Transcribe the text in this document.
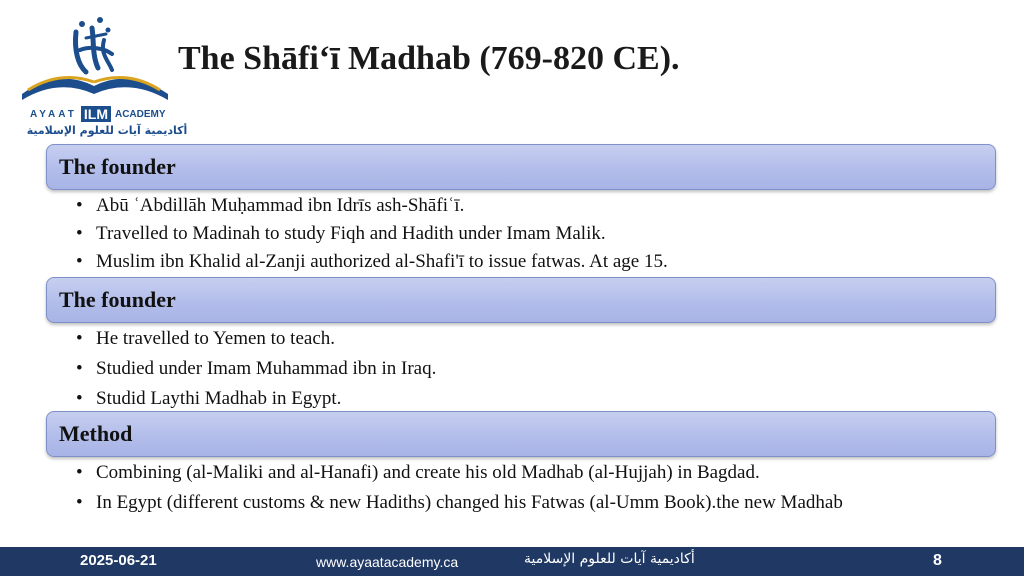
AYAAT ILM ACADEMY
أكاديمية آيات للعلوم الإسلامية
The Shāfi‘ī Madhab (769-820 CE).
The founder
• Abū ʿAbdillāh Muḥammad ibn Idrīs ash-Shāfiʿī.
• Travelled to Madinah to study Fiqh and Hadith under Imam Malik.
• Muslim ibn Khalid al-Zanji authorized al-Shafi'ī to issue fatwas. At age 15.
The founder
• He travelled to Yemen to teach.
• Studied under Imam Muhammad ibn in Iraq.
• Studid Laythi Madhab in Egypt.
Method
• Combining (al-Maliki and al-Hanafi) and create his old Madhab (al-Hujjah) in Bagdad.
• In Egypt (different customs & new Hadiths) changed his Fatwas (al-Umm Book).the new Madhab
2025-06-21	www.ayaatacademy.ca	أكاديمية آيات للعلوم الإسلامية	8
